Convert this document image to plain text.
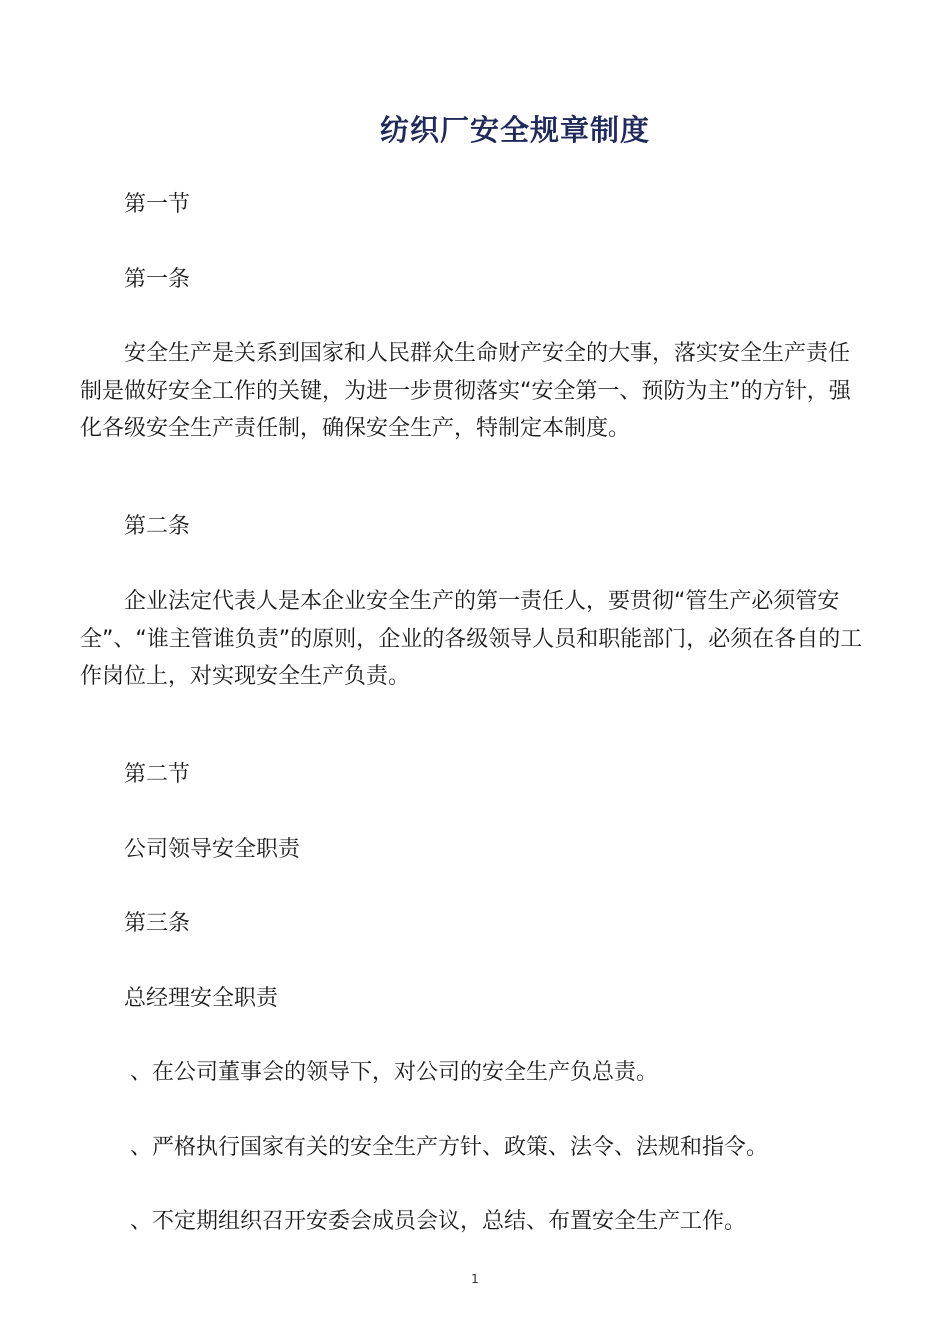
纺织厂安全规章制度
第一节
第一条
安全生产是关系到国家和人民群众生命财产安全的大事，落实安全生产责任制是做好安全工作的关键，为进一步贯彻落实“安全第一、预防为主”的方针，强化各级安全生产责任制，确保安全生产，特制定本制度。
第二条
企业法定代表人是本企业安全生产的第一责任人，要贯彻“管生产必须管安全”、“谁主管谁负责”的原则，企业的各级领导人员和职能部门，必须在各自的工作岗位上，对实现安全生产负责。
第二节
公司领导安全职责
第三条
总经理安全职责
、在公司董事会的领导下，对公司的安全生产负总责。
、严格执行国家有关的安全生产方针、政策、法令、法规和指令。
、不定期组织召开安委会成员会议，总结、布置安全生产工作。
1
